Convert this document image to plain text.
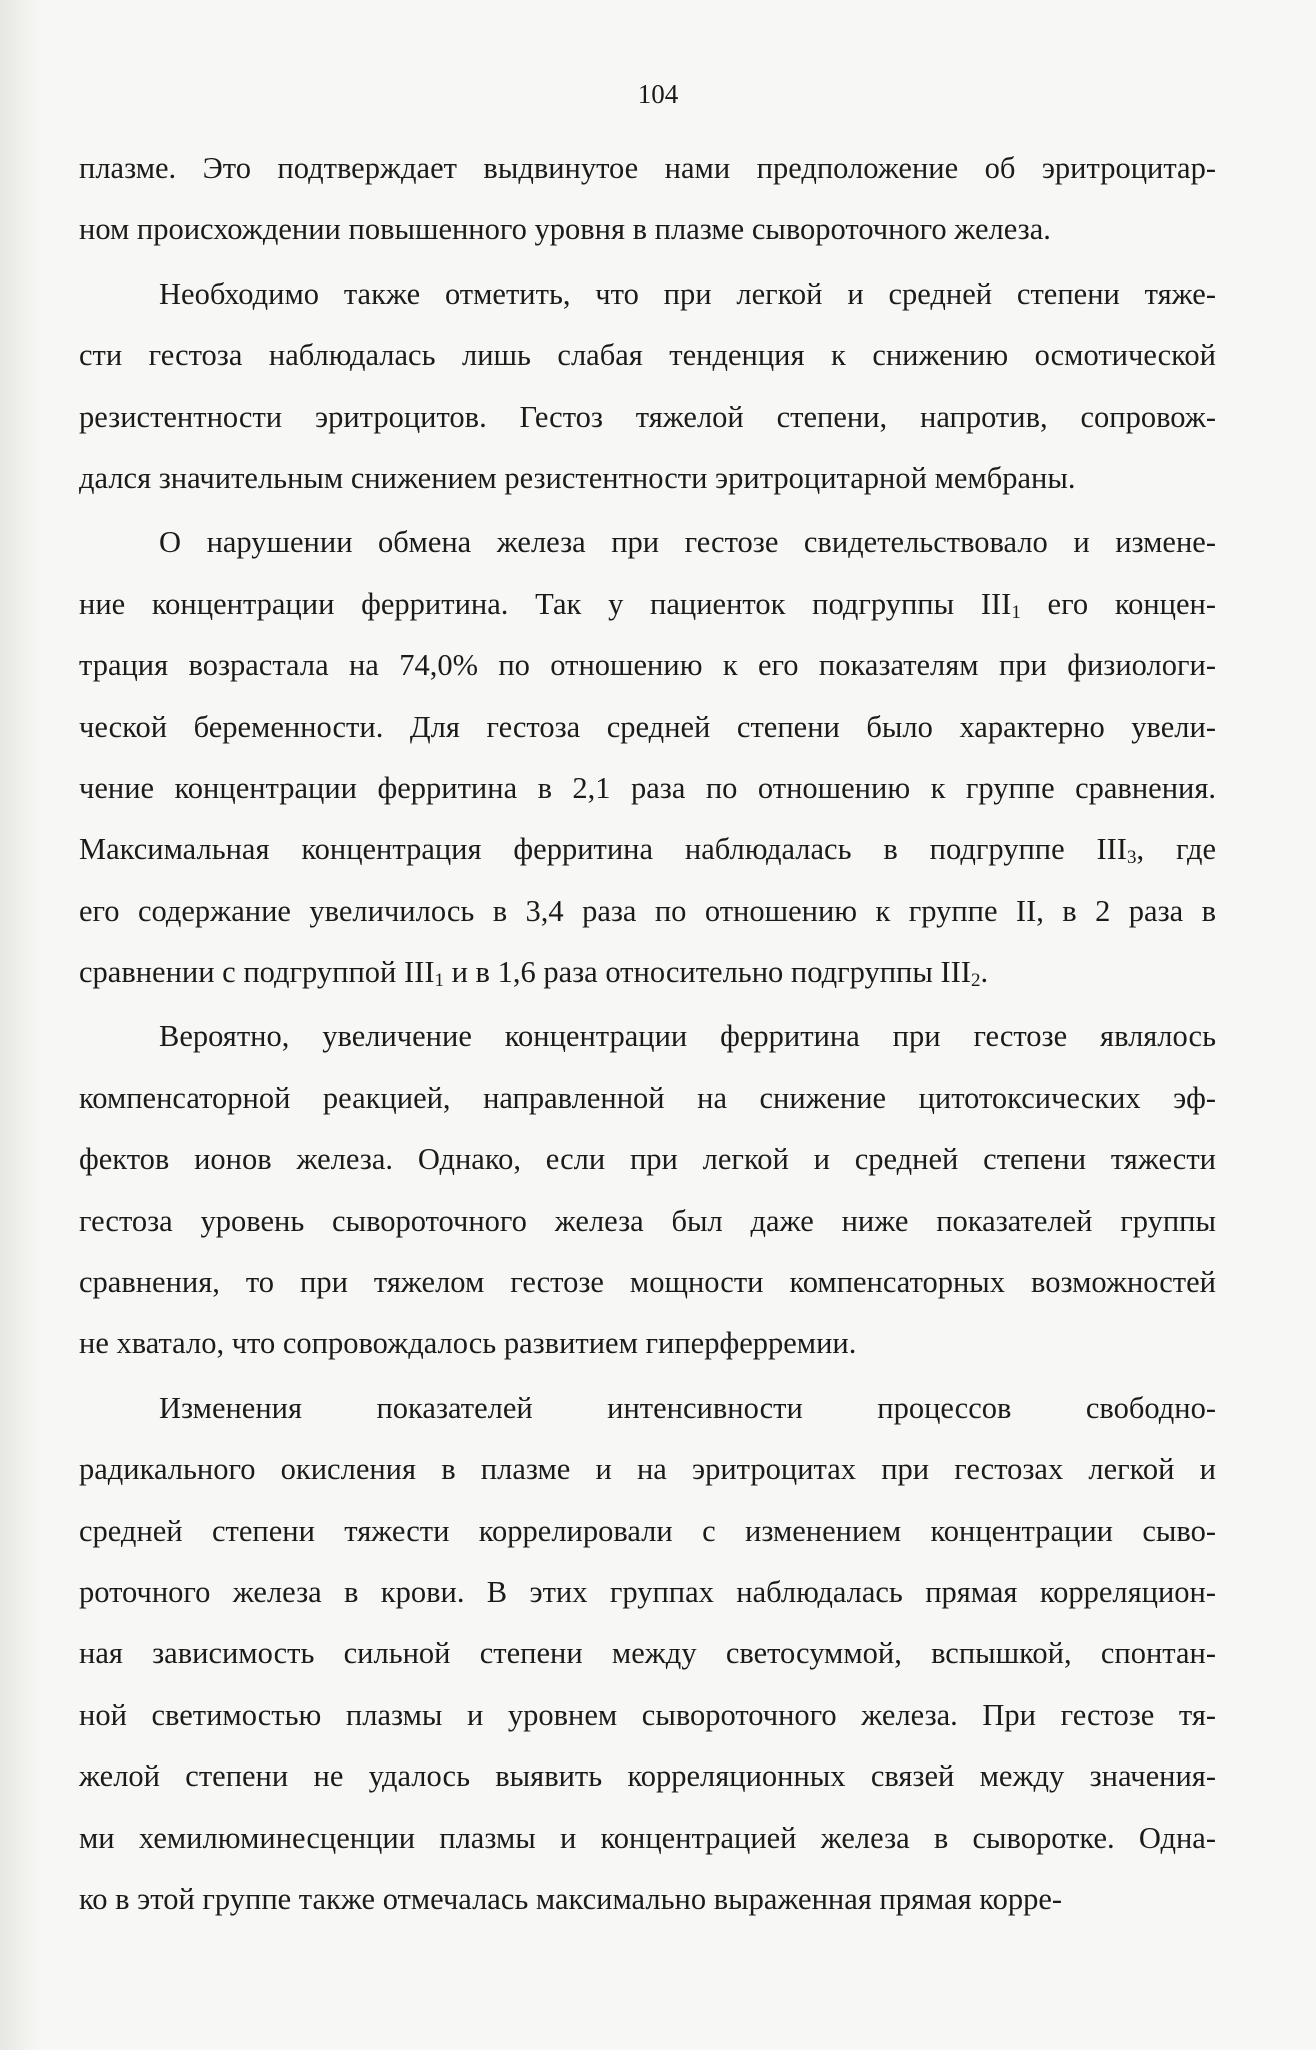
104
плазме. Это подтверждает выдвинутое нами предположение об эритроцитар-
ном происхождении повышенного уровня в плазме сывороточного железа.
Необходимо также отметить, что при легкой и средней степени тяже-
сти гестоза наблюдалась лишь слабая тенденция к снижению осмотической
резистентности эритроцитов. Гестоз тяжелой степени, напротив, сопровож-
дался значительным снижением резистентности эритроцитарной мембраны.
О нарушении обмена железа при гестозе свидетельствовало и измене-
ние концентрации ферритина. Так у пациенток подгруппы $III_1$ его концен-
трация возрастала на 74,0% по отношению к его показателям при физиологи-
ческой беременности. Для гестоза средней степени было характерно увели-
чение концентрации ферритина в 2,1 раза по отношению к группе сравнения.
Максимальная концентрация ферритина наблюдалась в подгруппе $III_3$, где
его содержание увеличилось в 3,4 раза по отношению к группе II, в 2 раза в
сравнении с подгруппой $III_1$ и в 1,6 раза относительно подгруппы $III_2$.
Вероятно, увеличение концентрации ферритина при гестозе являлось
компенсаторной реакцией, направленной на снижение цитотоксических эф-
фектов ионов железа. Однако, если при легкой и средней степени тяжести
гестоза уровень сывороточного железа был даже ниже показателей группы
сравнения, то при тяжелом гестозе мощности компенсаторных возможностей
не хватало, что сопровождалось развитием гиперферремии.
Изменения показателей интенсивности процессов свободно-
радикального окисления в плазме и на эритроцитах при гестозах легкой и
средней степени тяжести коррелировали с изменением концентрации сыво-
роточного железа в крови. В этих группах наблюдалась прямая корреляцион-
ная зависимость сильной степени между светосуммой, вспышкой, спонтан-
ной светимостью плазмы и уровнем сывороточного железа. При гестозе тя-
желой степени не удалось выявить корреляционных связей между значения-
ми хемилюминесценции плазмы и концентрацией железа в сыворотке. Одна-
ко в этой группе также отмечалась максимально выраженная прямая корре-
